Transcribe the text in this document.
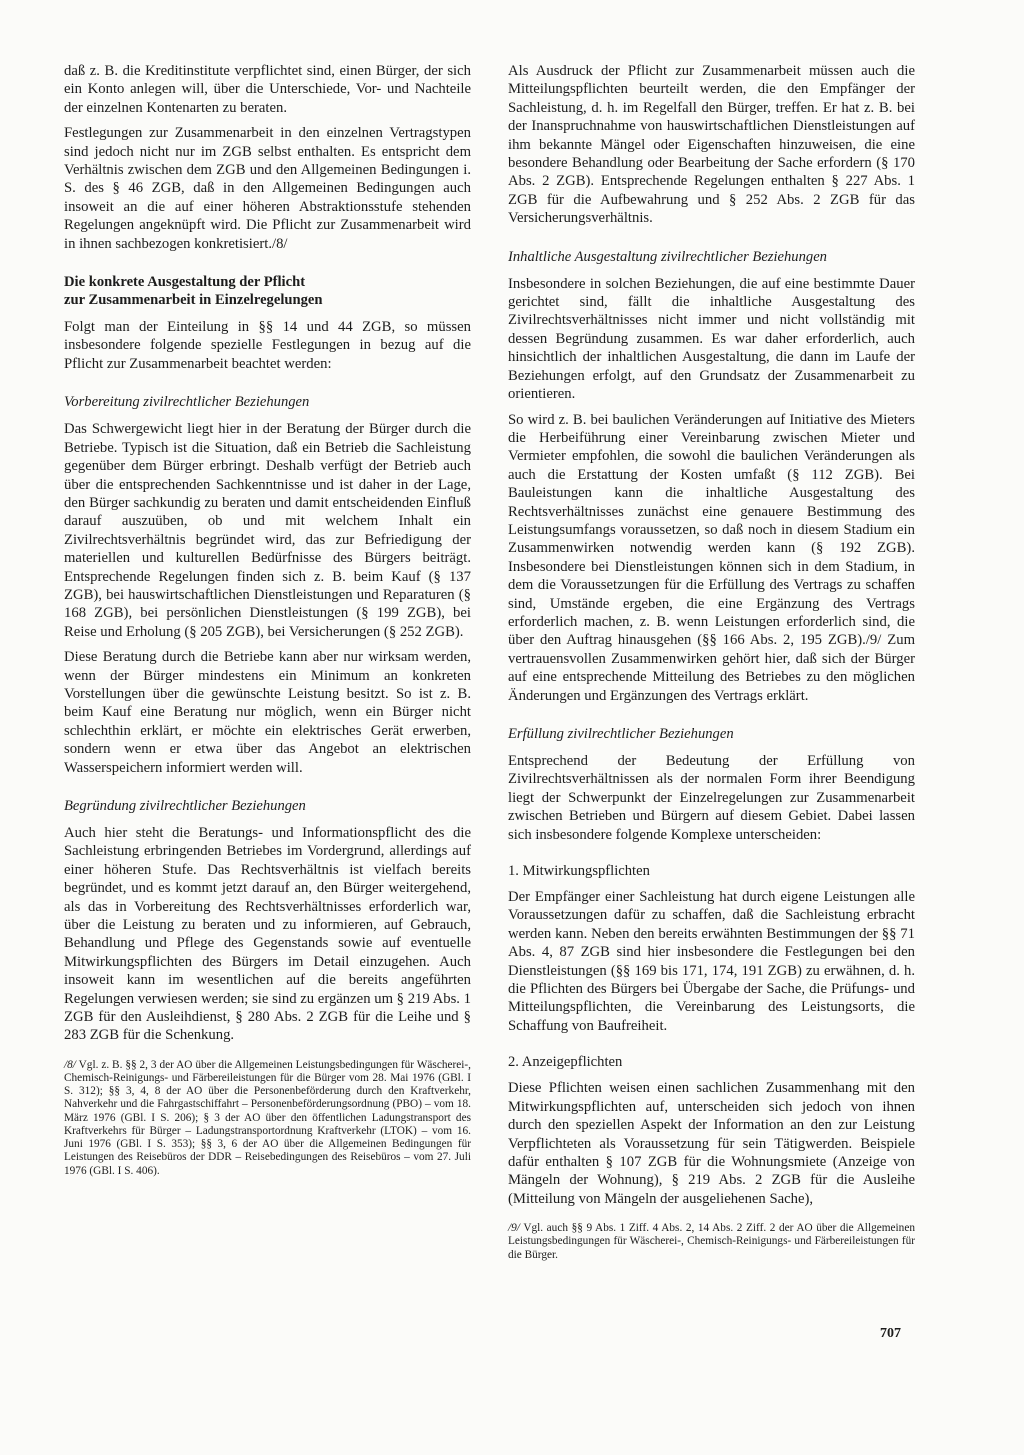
daß z. B. die Kreditinstitute verpflichtet sind, einen Bürger, der sich ein Konto anlegen will, über die Unterschiede, Vor- und Nachteile der einzelnen Kontenarten zu beraten.

Festlegungen zur Zusammenarbeit in den einzelnen Vertragstypen sind jedoch nicht nur im ZGB selbst enthalten. Es entspricht dem Verhältnis zwischen dem ZGB und den Allgemeinen Bedingungen i. S. des § 46 ZGB, daß in den Allgemeinen Bedingungen auch insoweit an die auf einer höheren Abstraktionsstufe stehenden Regelungen angeknüpft wird. Die Pflicht zur Zusammenarbeit wird in ihnen sachbezogen konkretisiert./8/

Die konkrete Ausgestaltung der Pflicht
zur Zusammenarbeit in Einzelregelungen

Folgt man der Einteilung in §§ 14 und 44 ZGB, so müssen insbesondere folgende spezielle Festlegungen in bezug auf die Pflicht zur Zusammenarbeit beachtet werden:

Vorbereitung zivilrechtlicher Beziehungen

Das Schwergewicht liegt hier in der Beratung der Bürger durch die Betriebe. Typisch ist die Situation, daß ein Betrieb die Sachleistung gegenüber dem Bürger erbringt. Deshalb verfügt der Betrieb auch über die entsprechenden Sachkenntnisse und ist daher in der Lage, den Bürger sachkundig zu beraten und damit entscheidenden Einfluß darauf auszuüben, ob und mit welchem Inhalt ein Zivilrechtsverhältnis begründet wird, das zur Befriedigung der materiellen und kulturellen Bedürfnisse des Bürgers beiträgt. Entsprechende Regelungen finden sich z. B. beim Kauf (§ 137 ZGB), bei hauswirtschaftlichen Dienstleistungen und Reparaturen (§ 168 ZGB), bei persönlichen Dienstleistungen (§ 199 ZGB), bei Reise und Erholung (§ 205 ZGB), bei Versicherungen (§ 252 ZGB).

Diese Beratung durch die Betriebe kann aber nur wirksam werden, wenn der Bürger mindestens ein Minimum an konkreten Vorstellungen über die gewünschte Leistung besitzt. So ist z. B. beim Kauf eine Beratung nur möglich, wenn ein Bürger nicht schlechthin erklärt, er möchte ein elektrisches Gerät erwerben, sondern wenn er etwa über das Angebot an elektrischen Wasserspeichern informiert werden will.

Begründung zivilrechtlicher Beziehungen

Auch hier steht die Beratungs- und Informationspflicht des die Sachleistung erbringenden Betriebes im Vordergrund, allerdings auf einer höheren Stufe. Das Rechtsverhältnis ist vielfach bereits begründet, und es kommt jetzt darauf an, den Bürger weitergehend, als das in Vorbereitung des Rechtsverhältnisses erforderlich war, über die Leistung zu beraten und zu informieren, auf Gebrauch, Behandlung und Pflege des Gegenstands sowie auf eventuelle Mitwirkungspflichten des Bürgers im Detail einzugehen. Auch insoweit kann im wesentlichen auf die bereits angeführten Regelungen verwiesen werden; sie sind zu ergänzen um § 219 Abs. 1 ZGB für den Ausleihdienst, § 280 Abs. 2 ZGB für die Leihe und § 283 ZGB für die Schenkung.

/8/ Vgl. z. B. §§ 2, 3 der AO über die Allgemeinen Leistungsbedingungen für Wäscherei-, Chemisch-Reinigungs- und Färbereileistungen für die Bürger vom 28. Mai 1976 (GBl. I S. 312); §§ 3, 4, 8 der AO über die Personenbeförderung durch den Kraftverkehr, Nahverkehr und die Fahrgastschiffahrt – Personenbeförderungsordnung (PBO) – vom 18. März 1976 (GBl. I S. 206); § 3 der AO über den öffentlichen Ladungstransport des Kraftverkehrs für Bürger – Ladungstransportordnung Kraftverkehr (LTOK) – vom 16. Juni 1976 (GBl. I S. 353); §§ 3, 6 der AO über die Allgemeinen Bedingungen für Leistungen des Reisebüros der DDR – Reisebedingungen des Reisebüros – vom 27. Juli 1976 (GBl. I S. 406).

Als Ausdruck der Pflicht zur Zusammenarbeit müssen auch die Mitteilungspflichten beurteilt werden, die den Empfänger der Sachleistung, d. h. im Regelfall den Bürger, treffen. Er hat z. B. bei der Inanspruchnahme von hauswirtschaftlichen Dienstleistungen auf ihm bekannte Mängel oder Eigenschaften hinzuweisen, die eine besondere Behandlung oder Bearbeitung der Sache erfordern (§ 170 Abs. 2 ZGB). Entsprechende Regelungen enthalten § 227 Abs. 1 ZGB für die Aufbewahrung und § 252 Abs. 2 ZGB für das Versicherungsverhältnis.

Inhaltliche Ausgestaltung zivilrechtlicher Beziehungen

Insbesondere in solchen Beziehungen, die auf eine bestimmte Dauer gerichtet sind, fällt die inhaltliche Ausgestaltung des Zivilrechtsverhältnisses nicht immer und nicht vollständig mit dessen Begründung zusammen. Es war daher erforderlich, auch hinsichtlich der inhaltlichen Ausgestaltung, die dann im Laufe der Beziehungen erfolgt, auf den Grundsatz der Zusammenarbeit zu orientieren.

So wird z. B. bei baulichen Veränderungen auf Initiative des Mieters die Herbeiführung einer Vereinbarung zwischen Mieter und Vermieter empfohlen, die sowohl die baulichen Veränderungen als auch die Erstattung der Kosten umfaßt (§ 112 ZGB). Bei Bauleistungen kann die inhaltliche Ausgestaltung des Rechtsverhältnisses zunächst eine genauere Bestimmung des Leistungsumfangs voraussetzen, so daß noch in diesem Stadium ein Zusammenwirken notwendig werden kann (§ 192 ZGB). Insbesondere bei Dienstleistungen können sich in dem Stadium, in dem die Voraussetzungen für die Erfüllung des Vertrags zu schaffen sind, Umstände ergeben, die eine Ergänzung des Vertrags erforderlich machen, z. B. wenn Leistungen erforderlich sind, die über den Auftrag hinausgehen (§§ 166 Abs. 2, 195 ZGB)./9/ Zum vertrauensvollen Zusammenwirken gehört hier, daß sich der Bürger auf eine entsprechende Mitteilung des Betriebes zu den möglichen Änderungen und Ergänzungen des Vertrags erklärt.

Erfüllung zivilrechtlicher Beziehungen

Entsprechend der Bedeutung der Erfüllung von Zivilrechtsverhältnissen als der normalen Form ihrer Beendigung liegt der Schwerpunkt der Einzelregelungen zur Zusammenarbeit zwischen Betrieben und Bürgern auf diesem Gebiet. Dabei lassen sich insbesondere folgende Komplexe unterscheiden:

1. Mitwirkungspflichten

Der Empfänger einer Sachleistung hat durch eigene Leistungen alle Voraussetzungen dafür zu schaffen, daß die Sachleistung erbracht werden kann. Neben den bereits erwähnten Bestimmungen der §§ 71 Abs. 4, 87 ZGB sind hier insbesondere die Festlegungen bei den Dienstleistungen (§§ 169 bis 171, 174, 191 ZGB) zu erwähnen, d. h. die Pflichten des Bürgers bei Übergabe der Sache, die Prüfungs- und Mitteilungspflichten, die Vereinbarung des Leistungsorts, die Schaffung von Baufreiheit.

2. Anzeigepflichten

Diese Pflichten weisen einen sachlichen Zusammenhang mit den Mitwirkungspflichten auf, unterscheiden sich jedoch von ihnen durch den speziellen Aspekt der Information an den zur Leistung Verpflichteten als Voraussetzung für sein Tätigwerden. Beispiele dafür enthalten § 107 ZGB für die Wohnungsmiete (Anzeige von Mängeln der Wohnung), § 219 Abs. 2 ZGB für die Ausleihe (Mitteilung von Mängeln der ausgeliehenen Sache),

/9/ Vgl. auch §§ 9 Abs. 1 Ziff. 4 Abs. 2, 14 Abs. 2 Ziff. 2 der AO über die Allgemeinen Leistungsbedingungen für Wäscherei-, Chemisch-Reinigungs- und Färbereileistungen für die Bürger.
707
